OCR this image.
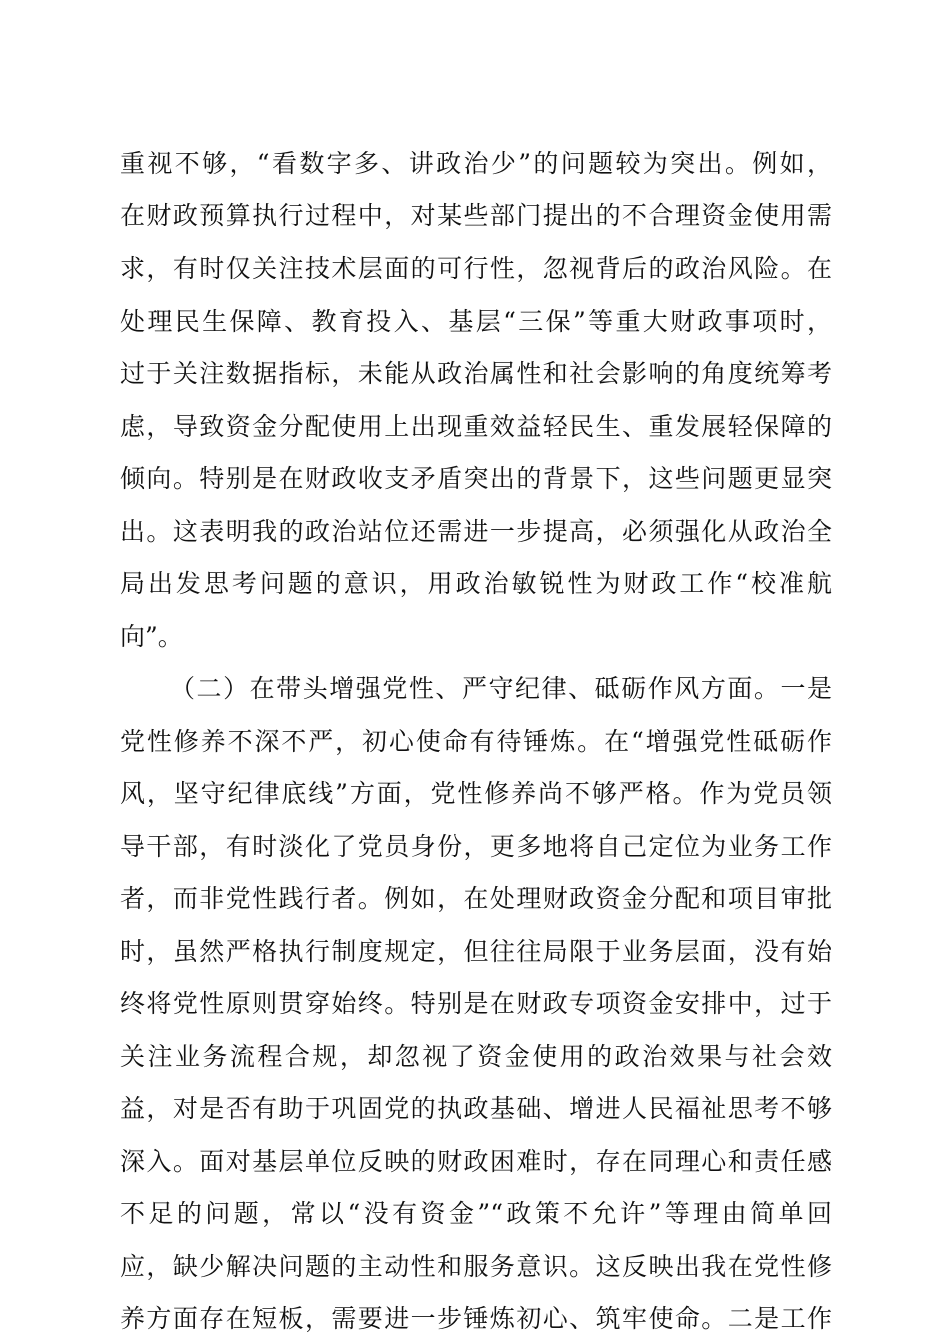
重视不够，“看数字多、讲政治少”的问题较为突出。例如，
在财政预算执行过程中，对某些部门提出的不合理资金使用需
求，有时仅关注技术层面的可行性，忽视背后的政治风险。在
处理民生保障、教育投入、基层“三保”等重大财政事项时，
过于关注数据指标，未能从政治属性和社会影响的角度统筹考
虑，导致资金分配使用上出现重效益轻民生、重发展轻保障的
倾向。特别是在财政收支矛盾突出的背景下，这些问题更显突
出。这表明我的政治站位还需进一步提高，必须强化从政治全
局出发思考问题的意识，用政治敏锐性为财政工作“校准航
向”。
（二）在带头增强党性、严守纪律、砥砺作风方面。一是
党性修养不深不严，初心使命有待锤炼。在“增强党性砥砺作
风，坚守纪律底线”方面，党性修养尚不够严格。作为党员领
导干部，有时淡化了党员身份，更多地将自己定位为业务工作
者，而非党性践行者。例如，在处理财政资金分配和项目审批
时，虽然严格执行制度规定，但往往局限于业务层面，没有始
终将党性原则贯穿始终。特别是在财政专项资金安排中，过于
关注业务流程合规，却忽视了资金使用的政治效果与社会效
益，对是否有助于巩固党的执政基础、增进人民福祉思考不够
深入。面对基层单位反映的财政困难时，存在同理心和责任感
不足的问题，常以“没有资金”“政策不允许”等理由简单回
应，缺少解决问题的主动性和服务意识。这反映出我在党性修
养方面存在短板，需要进一步锤炼初心、筑牢使命。二是工作
